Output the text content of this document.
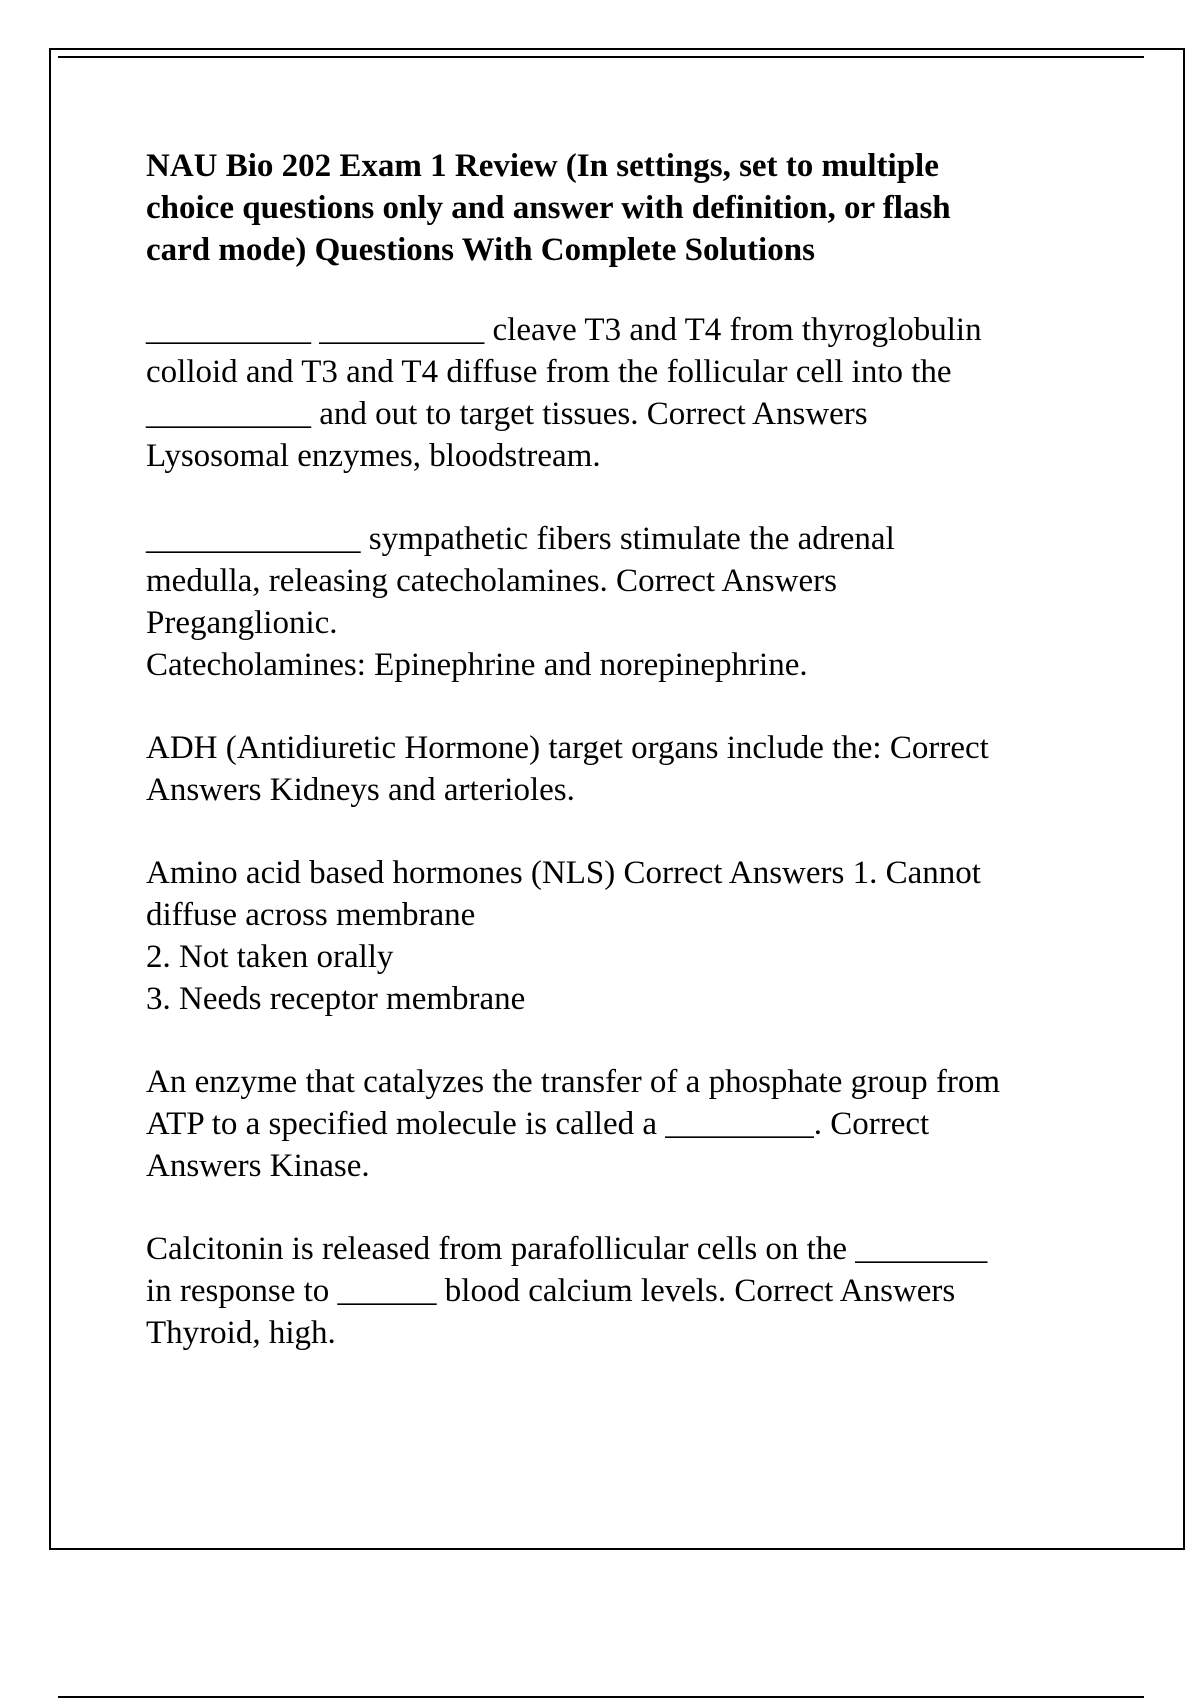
NAU Bio 202 Exam 1 Review (In settings, set to multiple
choice questions only and answer with definition, or flash
card mode) Questions With Complete Solutions
__________ __________ cleave T3 and T4 from thyroglobulin
colloid and T3 and T4 diffuse from the follicular cell into the
__________ and out to target tissues. Correct Answers
Lysosomal enzymes, bloodstream.
_____________ sympathetic fibers stimulate the adrenal
medulla, releasing catecholamines. Correct Answers
Preganglionic.
Catecholamines: Epinephrine and norepinephrine.
ADH (Antidiuretic Hormone) target organs include the: Correct
Answers Kidneys and arterioles.
Amino acid based hormones (NLS) Correct Answers 1. Cannot
diffuse across membrane
2. Not taken orally
3. Needs receptor membrane
An enzyme that catalyzes the transfer of a phosphate group from
ATP to a specified molecule is called a _________. Correct
Answers Kinase.
Calcitonin is released from parafollicular cells on the ________
in response to ______ blood calcium levels. Correct Answers
Thyroid, high.
